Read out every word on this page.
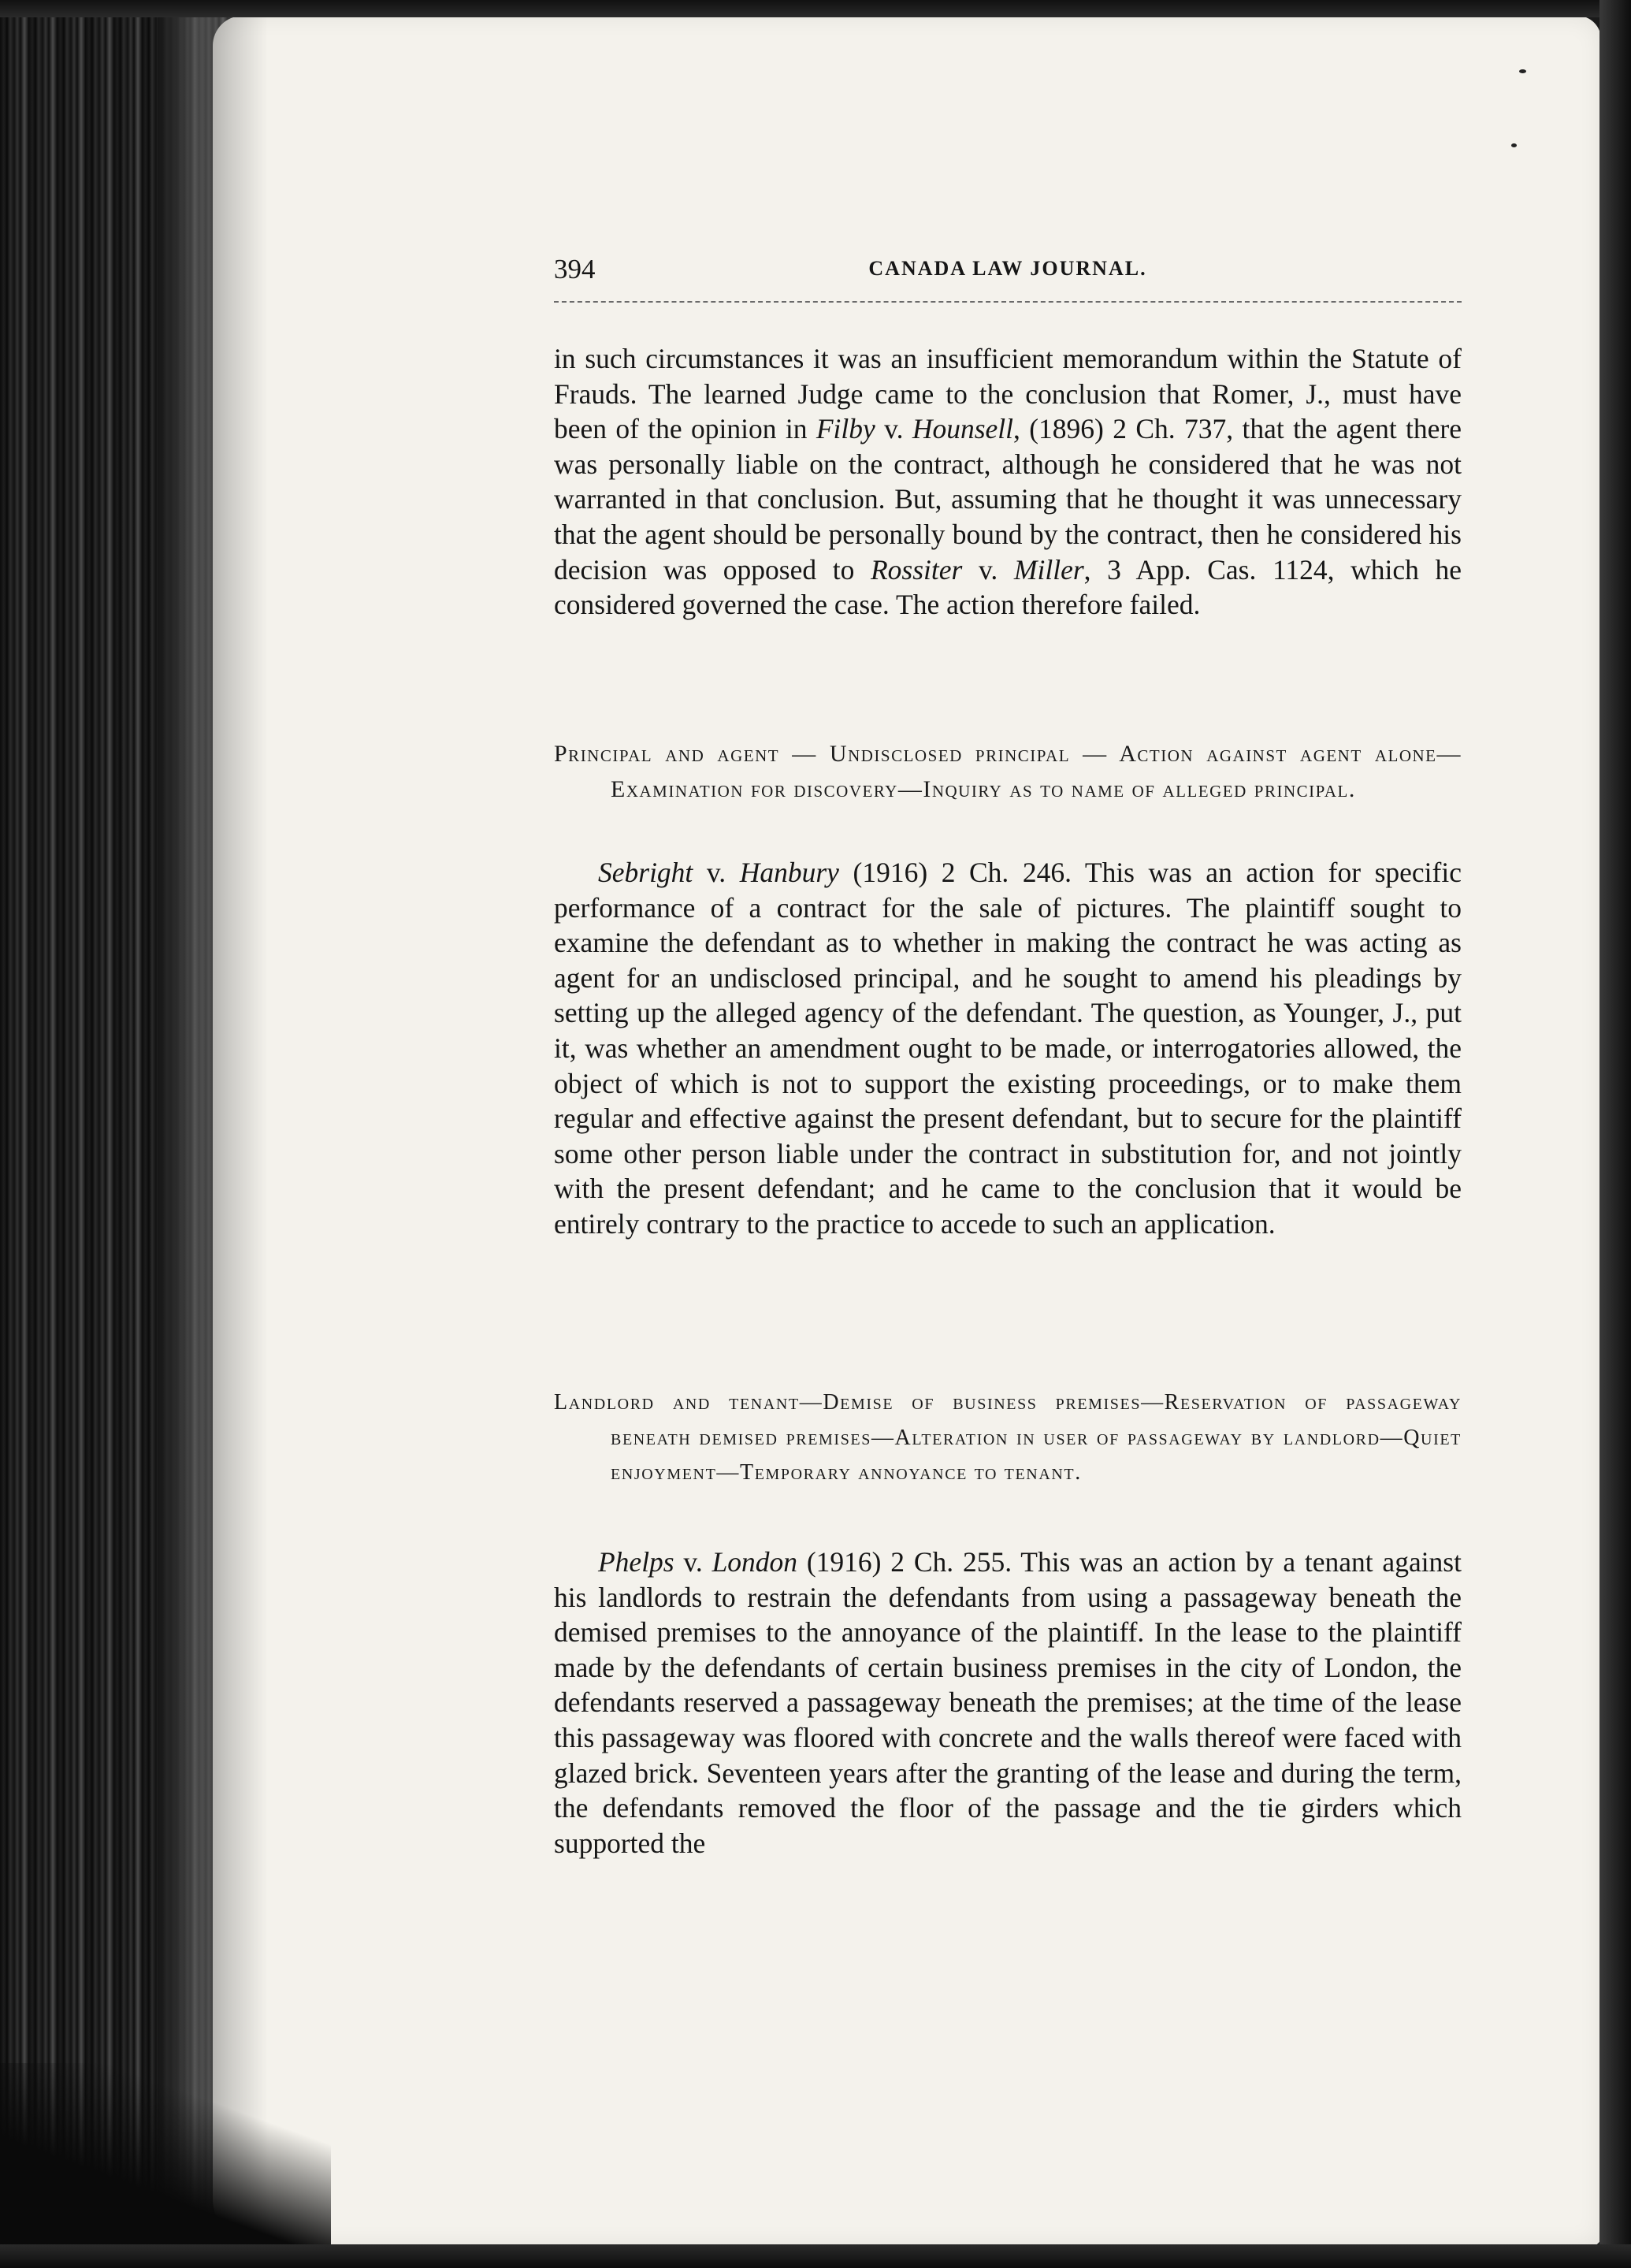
394	CANADA LAW JOURNAL.

in such circumstances it was an insufficient memorandum within the Statute of Frauds. The learned Judge came to the conclusion that Romer, J., must have been of the opinion in Filby v. Hounsell, (1896) 2 Ch. 737, that the agent there was personally liable on the contract, although he considered that he was not warranted in that conclusion. But, assuming that he thought it was unnecessary that the agent should be personally bound by the contract, then he considered his decision was opposed to Rossiter v. Miller, 3 App. Cas. 1124, which he considered governed the case. The action therefore failed.

Principal and agent — Undisclosed principal — Action against agent alone—Examination for discovery—Inquiry as to name of alleged principal.

Sebright v. Hanbury (1916) 2 Ch. 246. This was an action for specific performance of a contract for the sale of pictures. The plaintiff sought to examine the defendant as to whether in making the contract he was acting as agent for an undisclosed principal, and he sought to amend his pleadings by setting up the alleged agency of the defendant. The question, as Younger, J., put it, was whether an amendment ought to be made, or interrogatories allowed, the object of which is not to support the existing proceedings, or to make them regular and effective against the present defendant, but to secure for the plaintiff some other person liable under the contract in substitution for, and not jointly with the present defendant; and he came to the conclusion that it would be entirely contrary to the practice to accede to such an application.

Landlord and tenant—Demise of business premises—Reservation of passageway beneath demised premises—Alteration in user of passageway by landlord—Quiet enjoyment—Temporary annoyance to tenant.

Phelps v. London (1916) 2 Ch. 255. This was an action by a tenant against his landlords to restrain the defendants from using a passageway beneath the demised premises to the annoyance of the plaintiff. In the lease to the plaintiff made by the defendants of certain business premises in the city of London, the defendants reserved a passageway beneath the premises; at the time of the lease this passageway was floored with concrete and the walls thereof were faced with glazed brick. Seventeen years after the granting of the lease and during the term, the defendants removed the floor of the passage and the tie girders which supported the
